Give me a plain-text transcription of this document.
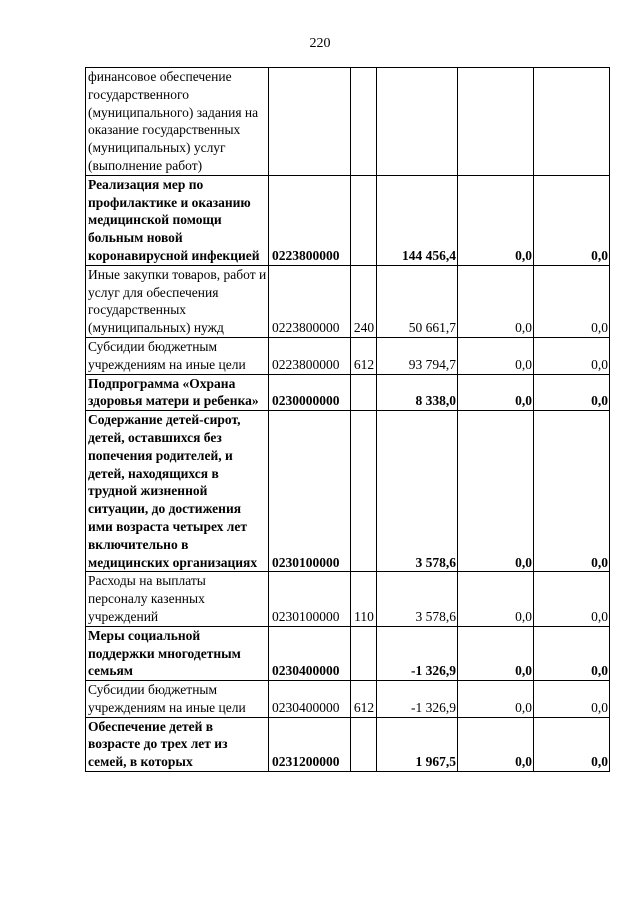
220
финансовое обеспечение государственного (муниципального) задания на оказание государственных (муниципальных) услуг (выполнение работ)					
Реализация мер по профилактике и оказанию медицинской помощи больным новой коронавирусной инфекцией	0223800000		144 456,4	0,0	0,0
Иные закупки товаров, работ и услуг для обеспечения государственных (муниципальных) нужд	0223800000	240	50 661,7	0,0	0,0
Субсидии бюджетным учреждениям на иные цели	0223800000	612	93 794,7	0,0	0,0
Подпрограмма «Охрана здоровья матери и ребенка»	0230000000		8 338,0	0,0	0,0
Содержание детей-сирот, детей, оставшихся без попечения родителей, и детей, находящихся в трудной жизненной ситуации, до достижения ими возраста четырех лет включительно в медицинских организациях	0230100000		3 578,6	0,0	0,0
Расходы на выплаты персоналу казенных учреждений	0230100000	110	3 578,6	0,0	0,0
Меры социальной поддержки многодетным семьям	0230400000		-1 326,9	0,0	0,0
Субсидии бюджетным учреждениям на иные цели	0230400000	612	-1 326,9	0,0	0,0
Обеспечение детей в возрасте до трех лет из семей, в которых	0231200000		1 967,5	0,0	0,0
